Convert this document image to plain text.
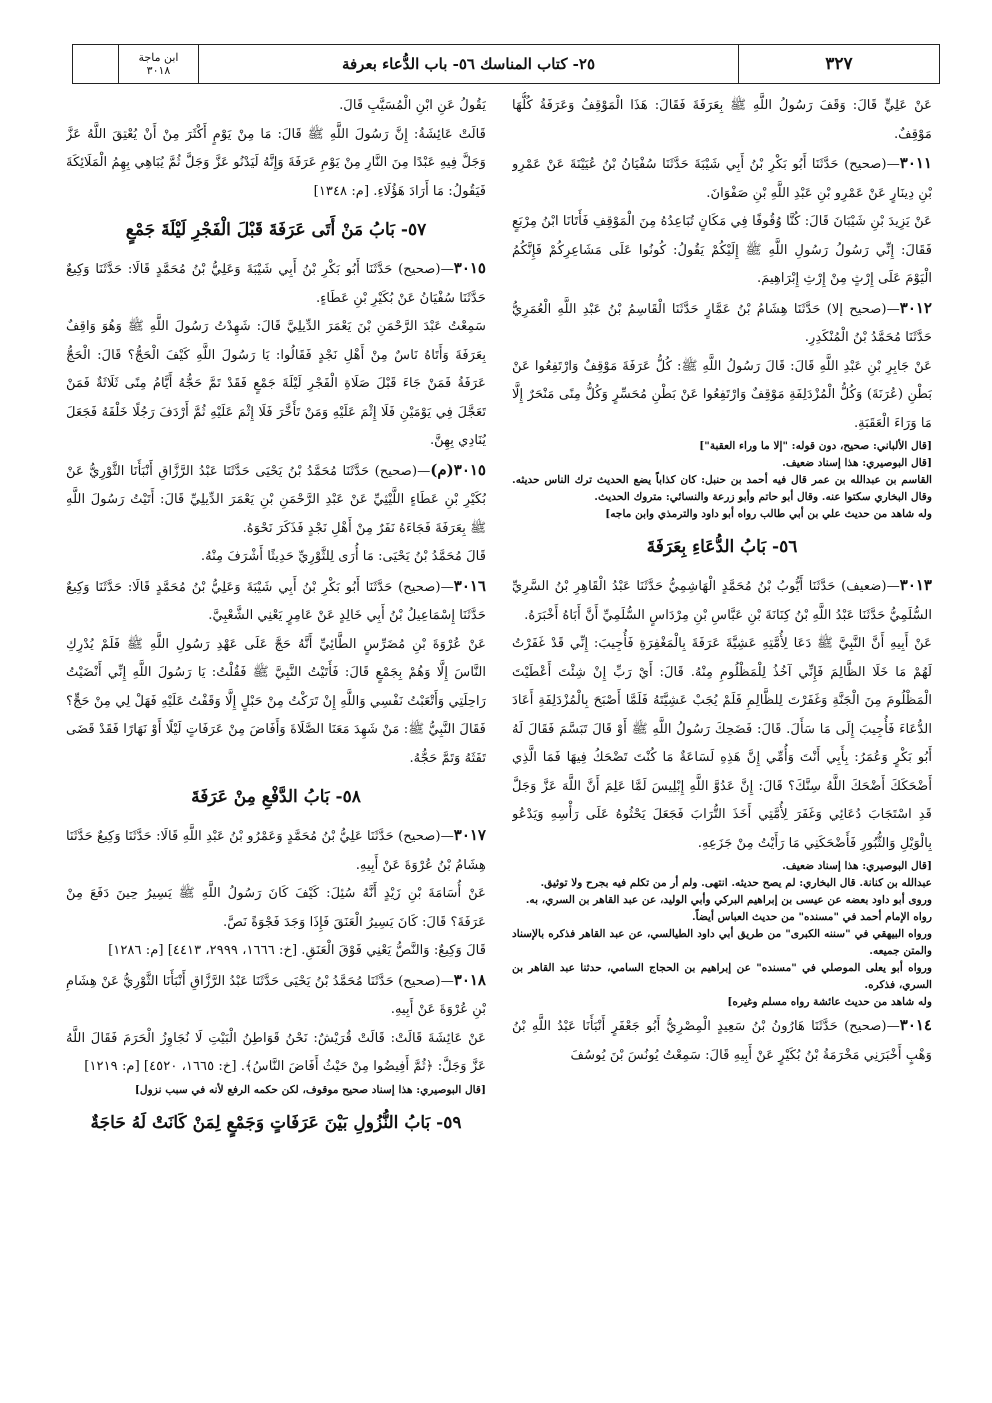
ابن ماجة
٣٠١٨	٢٥- كتاب المناسك ٥٦- باب الدُّعاء بعرفة	٣٢٧

عَنْ عَلِيٍّ قَالَ: وَقَفَ رَسُولُ اللَّهِ ﷺ بِعَرَفَةَ فَقَالَ: هَذَا الْمَوْقِفُ وَعَرَفَةُ كُلُّهَا مَوْقِفٌ.

٣٠١١—(صحيح) حَدَّثَنَا أَبُو بَكْرِ بْنُ أَبِي شَيْبَةَ حَدَّثَنَا سُفْيَانُ بْنُ عُيَيْنَةَ عَنْ عَمْرِو بْنِ دِينَارٍ عَنْ عَمْرِو بْنِ عَبْدِ اللَّهِ بْنِ صَفْوَانَ.

عَنْ يَزِيدَ بْنِ شَيْبَانَ قَالَ: كُنَّا وُقُوفًا فِي مَكَانٍ تُبَاعِدُهُ مِنَ الْمَوْقِفِ فَأَتَانَا ابْنُ مِرْبَعٍ فَقَالَ: إِنِّي رَسُولُ رَسُولِ اللَّهِ ﷺ إِلَيْكُمْ يَقُولُ: كُونُوا عَلَى مَشَاعِرِكُمْ فَإِنَّكُمُ الْيَوْمَ عَلَى إِرْثٍ مِنْ إِرْثِ إِبْرَاهِيمَ.

٣٠١٢—(صحيح إلا) حَدَّثَنَا هِشَامُ بْنُ عَمَّارٍ حَدَّثَنَا الْقَاسِمُ بْنُ عَبْدِ اللَّهِ الْعُمَرِيُّ حَدَّثَنَا مُحَمَّدُ بْنُ الْمُنْكَدِرِ.

عَنْ جَابِرِ بْنِ عَبْدِ اللَّهِ قَالَ: قَالَ رَسُولُ اللَّهِ ﷺ: كُلُّ عَرَفَةَ مَوْقِفٌ وَارْتَفِعُوا عَنْ بَطْنِ (عُرَنَةَ) وَكُلُّ الْمُزْدَلِفَةِ مَوْقِفٌ وَارْتَفِعُوا عَنْ بَطْنِ مُحَسِّرٍ وَكُلُّ مِنًى مَنْحَرٌ إِلَّا مَا وَرَاءَ الْعَقَبَةِ.

[قال الألباني: صحيح، دون قوله: "إلا ما وراء العقبة"]

[قال البوصيري: هذا إسناد ضعيف.

القاسم بن عبدالله بن عمر قال فيه أحمد بن حنبل: كان كذاباً يضع الحديث ترك الناس حديثه. وقال البخاري سكتوا عنه. وقال أبو حاتم وأبو زرعة والنسائي: متروك الحديث.

وله شاهد من حديث علي بن أبي طالب رواه أبو داود والترمذي وابن ماجه]

٥٦- بَابُ الدُّعَاءِ بِعَرَفَةَ

٣٠١٣—(ضعيف) حَدَّثَنَا أَيُّوبُ بْنُ مُحَمَّدٍ الْهَاشِمِيُّ حَدَّثَنَا عَبْدُ الْقَاهِرِ بْنُ السَّرِيِّ السُّلَمِيُّ حَدَّثَنَا عَبْدُ اللَّهِ بْنُ كِنَانَةَ بْنِ عَبَّاسِ بْنِ مِرْدَاسٍ السُّلَمِيِّ أَنَّ أَبَاهُ أَخْبَرَهُ.

عَنْ أَبِيهِ أَنَّ النَّبِيَّ ﷺ دَعَا لِأُمَّتِهِ عَشِيَّةَ عَرَفَةَ بِالْمَغْفِرَةِ فَأُجِيبَ: إِنِّي قَدْ غَفَرْتُ لَهُمْ مَا خَلَا الظَّالِمَ فَإِنِّي آخُذُ لِلْمَظْلُومِ مِنْهُ. قَالَ: أَيْ رَبِّ إِنْ شِئْتَ أَعْطَيْتَ الْمَظْلُومَ مِنَ الْجَنَّةِ وَغَفَرْتَ لِلظَّالِمِ فَلَمْ يُجَبْ عَشِيَّتَهُ فَلَمَّا أَصْبَحَ بِالْمُزْدَلِفَةِ أَعَادَ الدُّعَاءَ فَأُجِيبَ إِلَى مَا سَأَلَ. قَالَ: فَضَحِكَ رَسُولُ اللَّهِ ﷺ أَوْ قَالَ تَبَسَّمَ فَقَالَ لَهُ أَبُو بَكْرٍ وَعُمَرُ: بِأَبِي أَنْتَ وَأُمِّي إِنَّ هَذِهِ لَسَاعَةٌ مَا كُنْتَ تَضْحَكُ فِيهَا فَمَا الَّذِي أَضْحَكَكَ أَضْحَكَ اللَّهُ سِنَّكَ؟ قَالَ: إِنَّ عَدُوَّ اللَّهِ إِبْلِيسَ لَمَّا عَلِمَ أَنَّ اللَّهَ عَزَّ وَجَلَّ قَدِ اسْتَجَابَ دُعَائِي وَغَفَرَ لِأُمَّتِي أَخَذَ التُّرَابَ فَجَعَلَ يَحْثُوهُ عَلَى رَأْسِهِ وَيَدْعُو بِالْوَيْلِ وَالثُّبُورِ فَأَضْحَكَنِي مَا رَأَيْتُ مِنْ جَزَعِهِ.

[قال البوصيري: هذا إسناد ضعيف.

عبدالله بن كنانة. قال البخاري: لم يصح حديثه. انتهى. ولم أر من تكلم فيه بجرح ولا توثيق.

وروى أبو داود بعضه عن عيسى بن إبراهيم البركي وأبي الوليد، عن عبد القاهر بن السري، به.

رواه الإمام أحمد في "مسنده" من حديث العباس أيضاً.

ورواه البيهقي في "سننه الكبرى" من طريق أبي داود الطيالسي، عن عبد القاهر فذكره بالإسناد والمتن جميعه.

ورواه أبو يعلى الموصلي في "مسنده" عن إبراهيم بن الحجاج السامي، حدثنا عبد القاهر بن السري، فذكره.

وله شاهد من حديث عائشة رواه مسلم وغيره]

٣٠١٤—(صحيح) حَدَّثَنَا هَارُونُ بْنُ سَعِيدٍ الْمِصْرِيُّ أَبُو جَعْفَرٍ أَنْبَأَنَا عَبْدُ اللَّهِ بْنُ وَهْبٍ أَخْبَرَنِي مَخْرَمَةُ بْنُ بُكَيْرٍ عَنْ أَبِيهِ قَالَ: سَمِعْتُ يُونُسَ بْنَ يُوسُفَ

يَقُولُ عَنِ ابْنِ الْمُسَيَّبِ قَالَ.

قَالَتْ عَائِشَةُ: إِنَّ رَسُولَ اللَّهِ ﷺ قَالَ: مَا مِنْ يَوْمٍ أَكْثَرَ مِنْ أَنْ يُعْتِقَ اللَّهُ عَزَّ وَجَلَّ فِيهِ عَبْدًا مِنَ النَّارِ مِنْ يَوْمِ عَرَفَةَ وَإِنَّهُ لَيَدْنُو عَزَّ وَجَلَّ ثُمَّ يُبَاهِي بِهِمُ الْمَلَائِكَةَ فَيَقُولُ: مَا أَرَادَ هَؤُلَاءِ. [م: ١٣٤٨]

٥٧- بَابُ مَنْ أَتَى عَرَفَةَ قَبْلَ الْفَجْرِ لَيْلَةَ جَمْعٍ

٣٠١٥—(صحيح) حَدَّثَنَا أَبُو بَكْرِ بْنُ أَبِي شَيْبَةَ وَعَلِيُّ بْنُ مُحَمَّدٍ قَالَا: حَدَّثَنَا وَكِيعٌ حَدَّثَنَا سُفْيَانُ عَنْ بُكَيْرِ بْنِ عَطَاءٍ.

سَمِعْتُ عَبْدَ الرَّحْمَنِ بْنَ يَعْمَرَ الدِّيلِيَّ قَالَ: شَهِدْتُ رَسُولَ اللَّهِ ﷺ وَهُوَ وَاقِفٌ بِعَرَفَةَ وَأَتَاهُ نَاسٌ مِنْ أَهْلِ نَجْدٍ فَقَالُوا: يَا رَسُولَ اللَّهِ كَيْفَ الْحَجُّ؟ قَالَ: الْحَجُّ عَرَفَةُ فَمَنْ جَاءَ قَبْلَ صَلَاةِ الْفَجْرِ لَيْلَةَ جَمْعٍ فَقَدْ تَمَّ حَجُّهُ أَيَّامُ مِنًى ثَلَاثَةٌ فَمَنْ تَعَجَّلَ فِي يَوْمَيْنِ فَلَا إِثْمَ عَلَيْهِ وَمَنْ تَأَخَّرَ فَلَا إِثْمَ عَلَيْهِ ثُمَّ أَرْدَفَ رَجُلًا خَلْفَهُ فَجَعَلَ يُنَادِي بِهِنَّ.

٣٠١٥(م)—(صحيح) حَدَّثَنَا مُحَمَّدُ بْنُ يَحْيَى حَدَّثَنَا عَبْدُ الرَّزَّاقِ أَنْبَأَنَا الثَّوْرِيُّ عَنْ بُكَيْرِ بْنِ عَطَاءٍ اللَّيْثِيِّ عَنْ عَبْدِ الرَّحْمَنِ بْنِ يَعْمَرَ الدِّيلِيِّ قَالَ: أَتَيْتُ رَسُولَ اللَّهِ ﷺ بِعَرَفَةَ فَجَاءَهُ نَفَرٌ مِنْ أَهْلِ نَجْدٍ فَذَكَرَ نَحْوَهُ.

قَالَ مُحَمَّدُ بْنُ يَحْيَى: مَا أُرَى لِلثَّوْرِيِّ حَدِيثًا أَشْرَفَ مِنْهُ.

٣٠١٦—(صحيح) حَدَّثَنَا أَبُو بَكْرِ بْنُ أَبِي شَيْبَةَ وَعَلِيُّ بْنُ مُحَمَّدٍ قَالَا: حَدَّثَنَا وَكِيعٌ حَدَّثَنَا إِسْمَاعِيلُ بْنُ أَبِي خَالِدٍ عَنْ عَامِرٍ يَعْنِي الشَّعْبِيَّ.

عَنْ عُرْوَةَ بْنِ مُضَرِّسٍ الطَّائِيِّ أَنَّهُ حَجَّ عَلَى عَهْدِ رَسُولِ اللَّهِ ﷺ فَلَمْ يُدْرِكِ النَّاسَ إِلَّا وَهُمْ بِجَمْعٍ قَالَ: فَأَتَيْتُ النَّبِيَّ ﷺ فَقُلْتُ: يَا رَسُولَ اللَّهِ إِنِّي أَنْضَيْتُ رَاحِلَتِي وَأَتْعَبْتُ نَفْسِي وَاللَّهِ إِنْ تَرَكْتُ مِنْ حَبْلٍ إِلَّا وَقَفْتُ عَلَيْهِ فَهَلْ لِي مِنْ حَجٍّ؟ فَقَالَ النَّبِيُّ ﷺ: مَنْ شَهِدَ مَعَنَا الصَّلَاةَ وَأَفَاضَ مِنْ عَرَفَاتٍ لَيْلًا أَوْ نَهَارًا فَقَدْ قَضَى تَفَثَهُ وَتَمَّ حَجُّهُ.

٥٨- بَابُ الدَّفْعِ مِنْ عَرَفَةَ

٣٠١٧—(صحيح) حَدَّثَنَا عَلِيُّ بْنُ مُحَمَّدٍ وَعَمْرُو بْنُ عَبْدِ اللَّهِ قَالَا: حَدَّثَنَا وَكِيعٌ حَدَّثَنَا هِشَامُ بْنُ عُرْوَةَ عَنْ أَبِيهِ.

عَنْ أُسَامَةَ بْنِ زَيْدٍ أَنَّهُ سُئِلَ: كَيْفَ كَانَ رَسُولُ اللَّهِ ﷺ يَسِيرُ حِينَ دَفَعَ مِنْ عَرَفَةَ؟ قَالَ: كَانَ يَسِيرُ الْعَنَقَ فَإِذَا وَجَدَ فَجْوَةً نَصَّ.

قَالَ وَكِيعٌ: وَالنَّصُّ يَعْنِي فَوْقَ الْعَنَقِ. [خ: ١٦٦٦، ٢٩٩٩، ٤٤١٣] [م: ١٢٨٦]

٣٠١٨—(صحيح) حَدَّثَنَا مُحَمَّدُ بْنُ يَحْيَى حَدَّثَنَا عَبْدُ الرَّزَّاقِ أَنْبَأَنَا الثَّوْرِيُّ عَنْ هِشَامِ بْنِ عُرْوَةَ عَنْ أَبِيهِ.

عَنْ عَائِشَةَ قَالَتْ: قَالَتْ قُرَيْشٌ: نَحْنُ قَوَاطِنُ الْبَيْتِ لَا نُجَاوِزُ الْحَرَمَ فَقَالَ اللَّهُ عَزَّ وَجَلَّ: ﴿ثُمَّ أَفِيضُوا مِنْ حَيْثُ أَفَاضَ النَّاسُ﴾. [خ: ١٦٦٥، ٤٥٢٠] [م: ١٢١٩]

[قال البوصيري: هذا إسناد صحيح موقوف، لكن حكمه الرفع لأنه في سبب نزول]

٥٩- بَابُ النُّزُولِ بَيْنَ عَرَفَاتٍ وَجَمْعٍ لِمَنْ كَانَتْ لَهُ حَاجَةٌ
